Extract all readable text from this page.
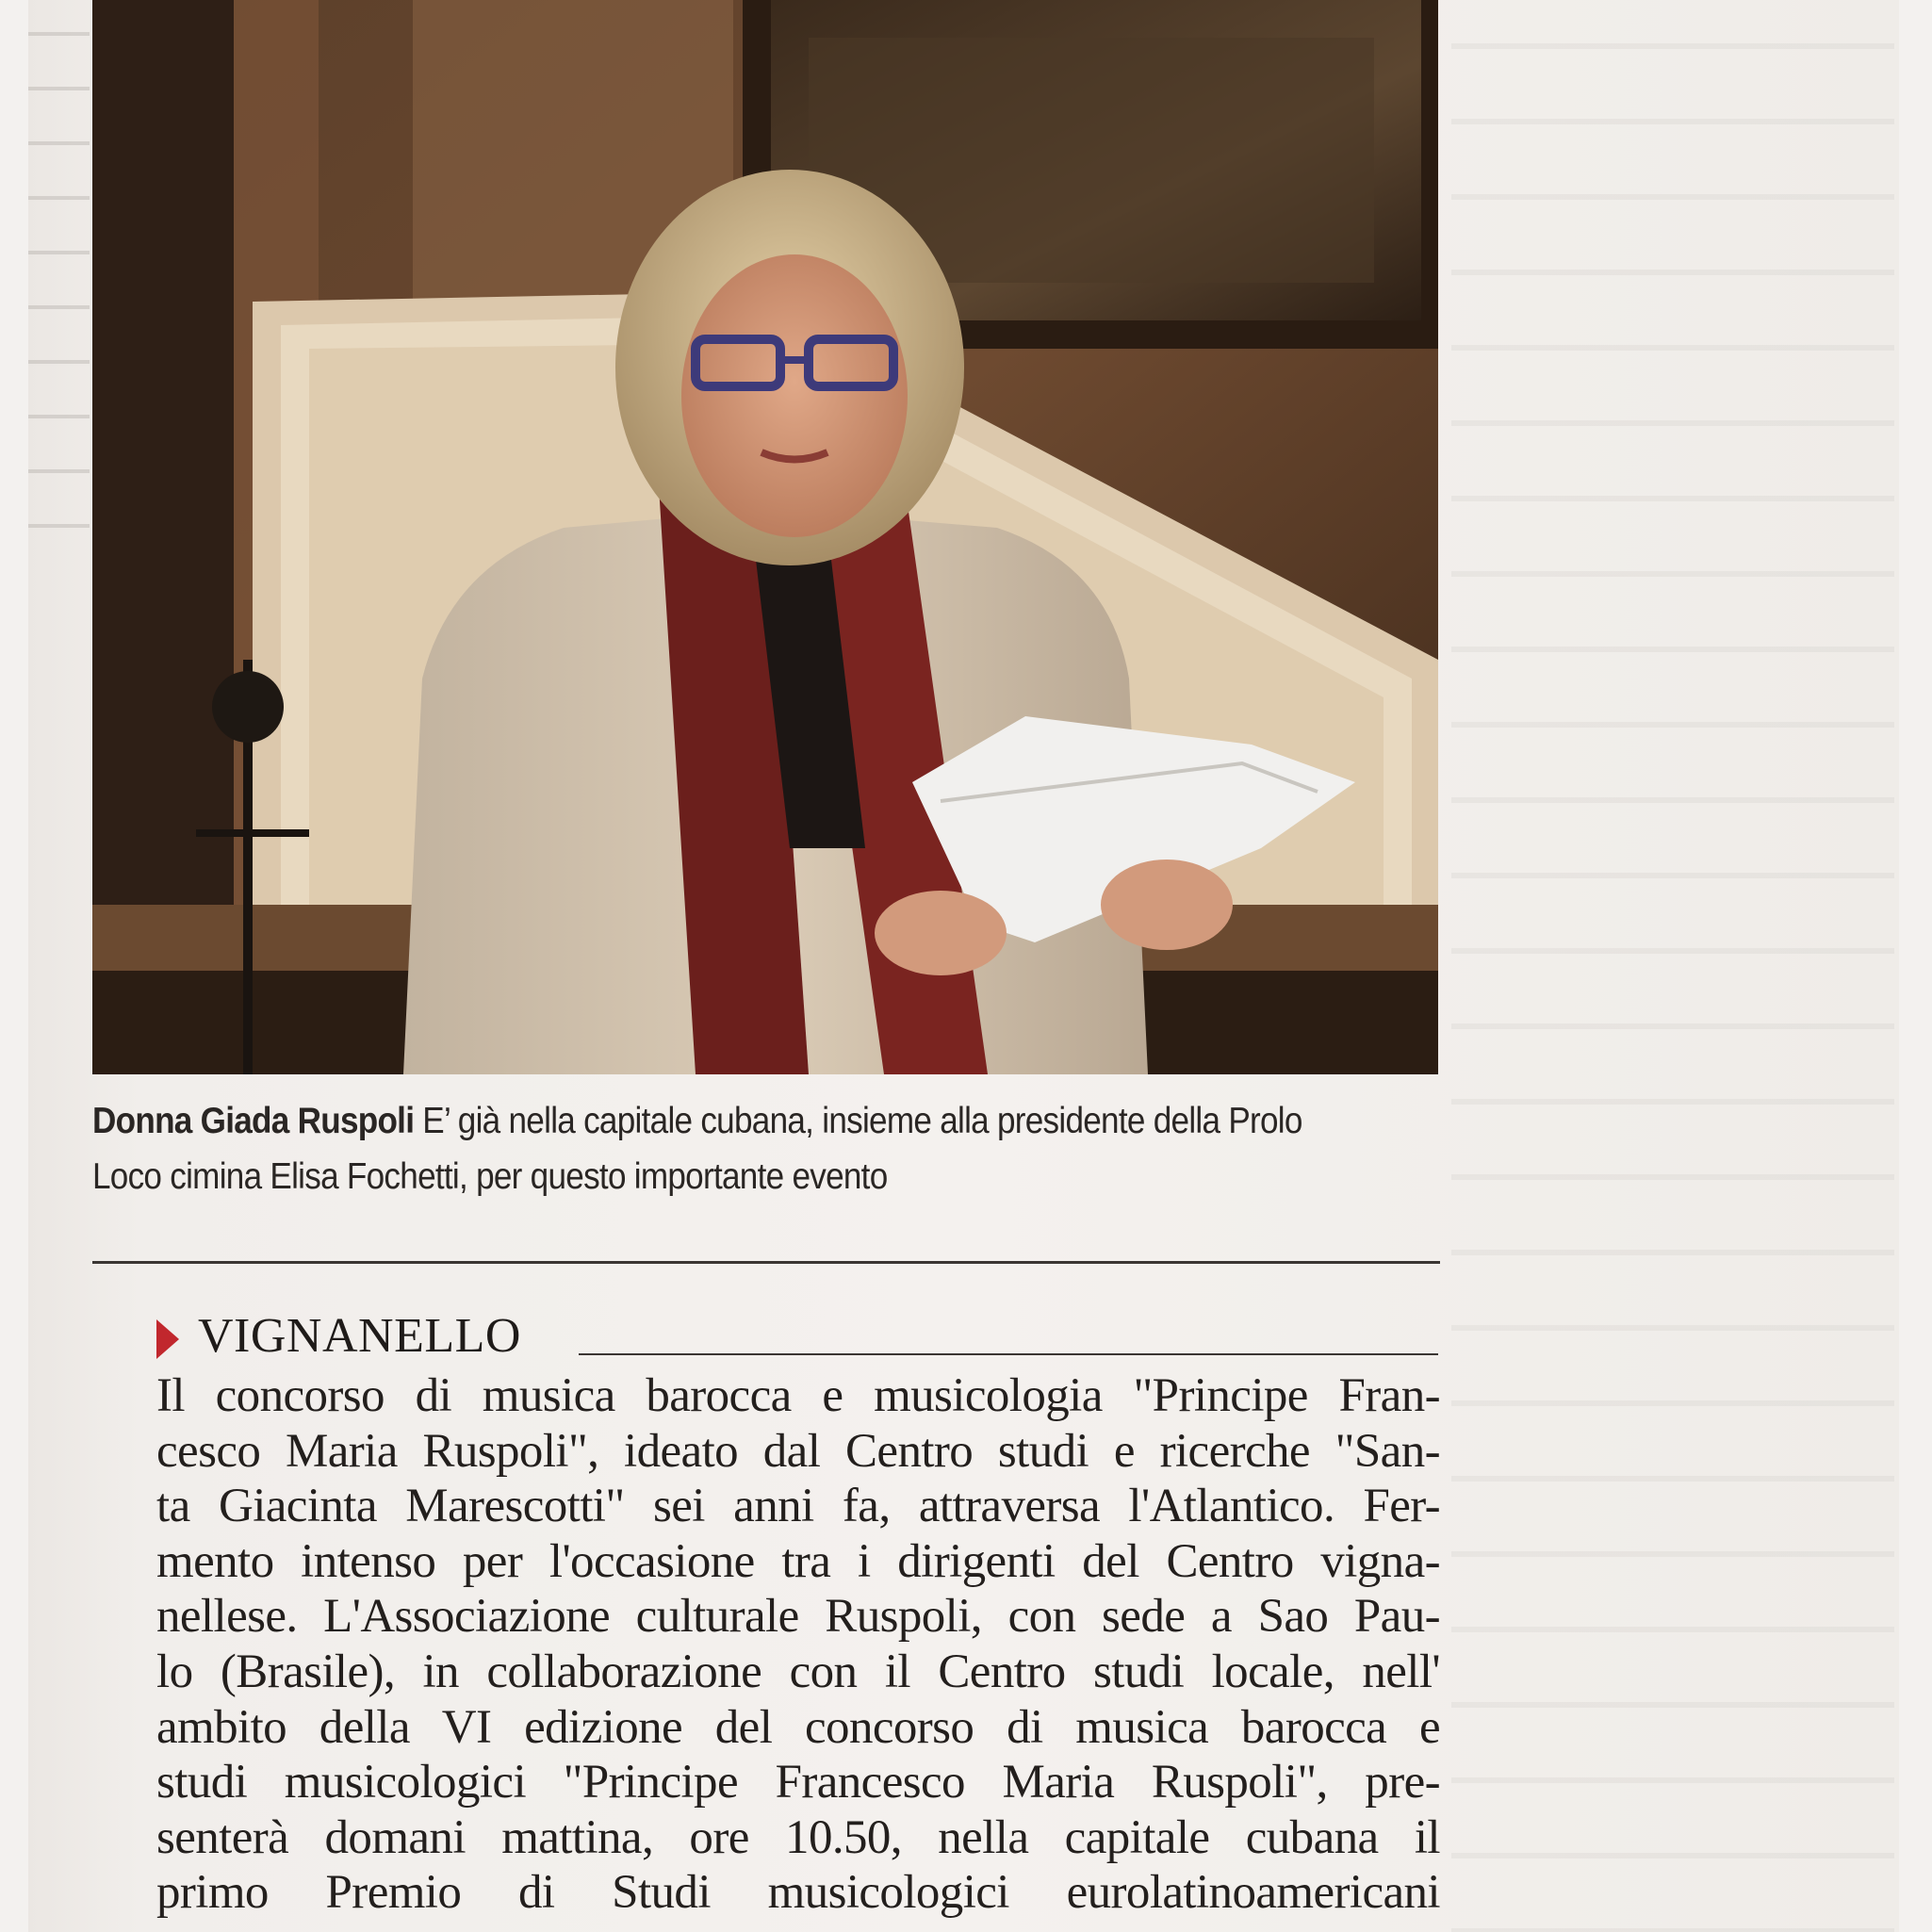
Donna Giada Ruspoli E’ già nella capitale cubana, insieme alla presidente della Prolo Loco cimina Elisa Fochetti, per questo importante evento
VIGNANELLO

Il concorso di musica barocca e musicologia "Principe Fran-
cesco Maria Ruspoli", ideato dal Centro studi e ricerche "San-
ta Giacinta Marescotti" sei anni fa, attraversa l'Atlantico. Fer-
mento intenso per l'occasione tra i dirigenti del Centro vigna-
nellese. L'Associazione culturale Ruspoli, con sede a Sao Pau-
lo (Brasile), in collaborazione con il Centro studi locale, nell'
ambito della VI edizione del concorso di musica barocca e
studi musicologici "Principe Francesco Maria Ruspoli", pre-
senterà domani mattina, ore 10.50, nella capitale cubana il
primo Premio di Studi musicologici eurolatinoamericani
